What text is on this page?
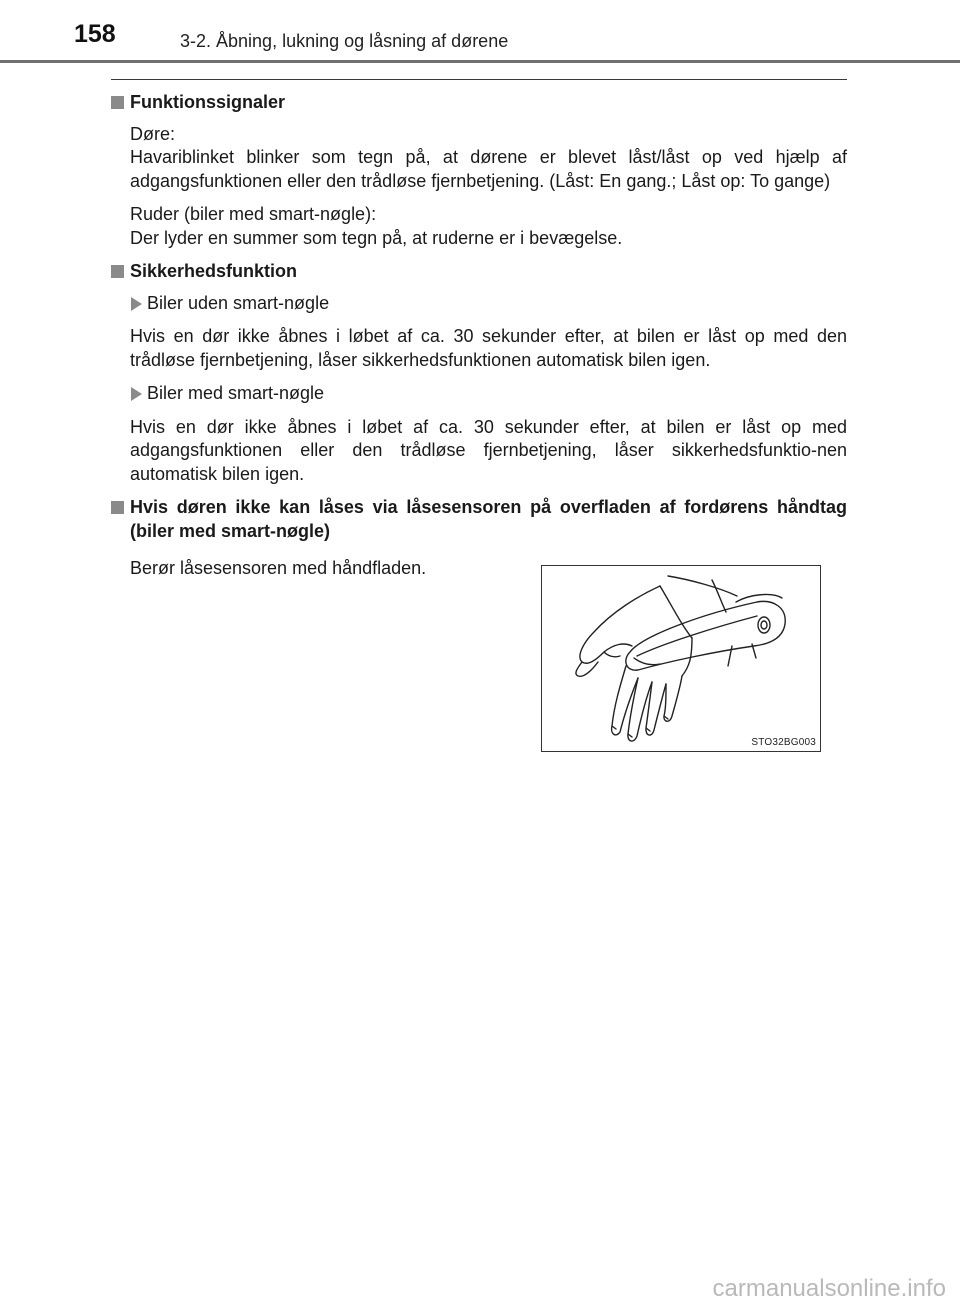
158	3-2. Åbning, lukning og låsning af dørene
Funktionssignaler

Døre:

Havariblinket blinker som tegn på, at dørene er blevet låst/låst op ved hjælp af adgangsfunktionen eller den trådløse fjernbetjening. (Låst: En gang.; Låst op: To gange)

Ruder (biler med smart-nøgle):

Der lyder en summer som tegn på, at ruderne er i bevægelse.

Sikkerhedsfunktion
Biler uden smart-nøgle

Hvis en dør ikke åbnes i løbet af ca. 30 sekunder efter, at bilen er låst op med den trådløse fjernbetjening, låser sikkerhedsfunktionen automatisk bilen igen.

Biler med smart-nøgle

Hvis en dør ikke åbnes i løbet af ca. 30 sekunder efter, at bilen er låst op med adgangsfunktionen eller den trådløse fjernbetjening, låser sikkerhedsfunktio-nen automatisk bilen igen.

Hvis døren ikke kan låses via låsesensoren på overfladen af fordørens håndtag (biler med smart-nøgle)

Berør låsesensoren med håndfladen.

STO32BG003
carmanualsonline.info
